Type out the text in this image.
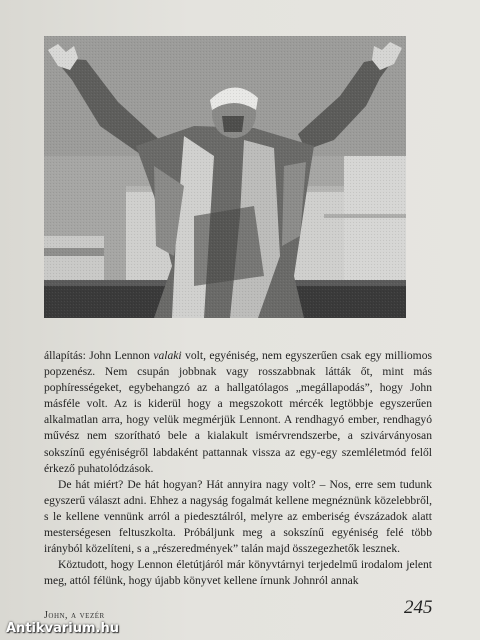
állapítás: John Lennon valaki volt, egyéniség, nem egyszerűen csak egy milliomos popzenész. Nem csupán jobbnak vagy rosszabbnak látták őt, mint más pophírességeket, egybehangzó az a hallgatólagos „megállapodás”, hogy John másféle volt. Az is kiderül hogy a megszokott mércék legtöbbje egyszerűen alkalmatlan arra, hogy velük megmérjük Lennont. A rendhagyó ember, rendhagyó művész nem szorítható bele a kialakult ismérvrendszerbe, a szivárványosan sokszínű egyéniségről labdaként pattannak vissza az egy-egy szemléletmód felől érkező puhatolódzások.

De hát miért? De hát hogyan? Hát annyira nagy volt? – Nos, erre sem tudunk egyszerű választ adni. Ehhez a nagyság fogalmát kellene megnéznünk közelebbről, s le kellene vennünk arról a piedesztálról, melyre az emberiség évszázadok alatt mesterségesen feltuszkolta. Próbáljunk meg a sokszínű egyéniség felé több irányból közelíteni, s a „részeredmények” talán majd összegezhetők lesznek.

Köztudott, hogy Lennon életútjáról már könyvtárnyi terjedelmű irodalom jelent meg, attól félünk, hogy újabb könyvet kellene írnunk Johnról annak

John, a vezér	245
Antikvarium.hu
